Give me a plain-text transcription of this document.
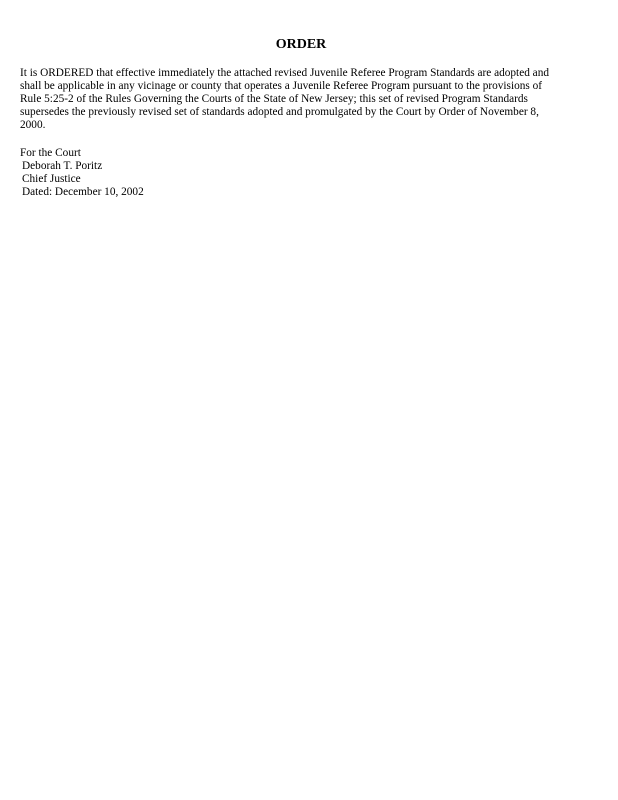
ORDER

It is ORDERED that effective immediately the attached revised Juvenile Referee Program Standards are adopted and
shall be applicable in any vicinage or county that operates a Juvenile Referee Program pursuant to the provisions of
Rule 5:25-2 of the Rules Governing the Courts of the State of New Jersey; this set of revised Program Standards
supersedes the previously revised set of standards adopted and promulgated by the Court by Order of November 8,
2000.

For the Court
Deborah T. Poritz
Chief Justice
Dated: December 10, 2002
